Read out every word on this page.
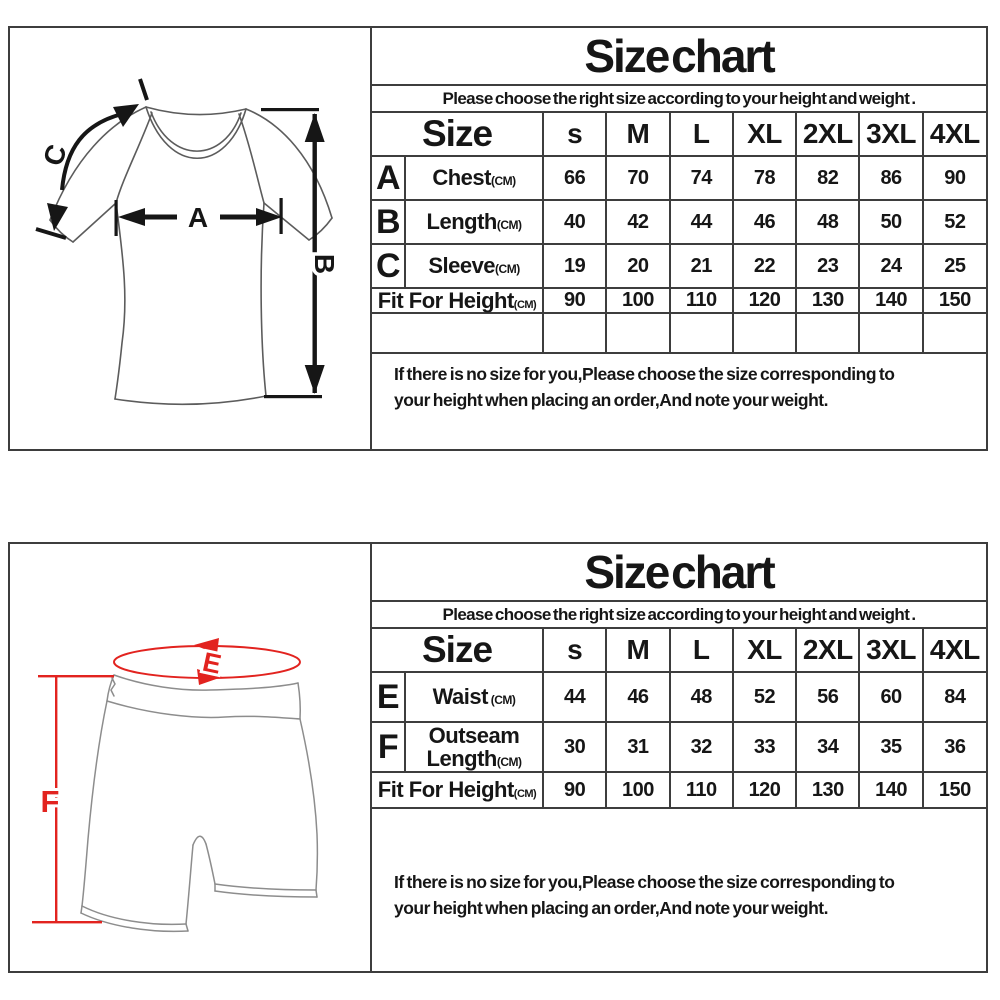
A
B
C
Size chart
Please choose the right size according to your height and weight .
Size		s	M	L	XL	2XL	3XL	4XL
A	Chest(CM)	66	70	74	78	82	86	90
B	Length(CM)	40	42	44	46	48	50	52
C	Sleeve(CM)	19	20	21	22	23	24	25
Fit For Height(CM)		90	100	110	120	130	140	150

If there is no size for you,Please choose the size corresponding to
your height when placing an order,And note your weight.
E
F
Size chart
Please choose the right size according to your height and weight .
Size		s	M	L	XL	2XL	3XL	4XL
E	Waist (CM)	44	46	48	52	56	60	84
F	Outseam Length(CM)	30	31	32	33	34	35	36
Fit For Height(CM)		90	100	110	120	130	140	150
If there is no size for you,Please choose the size corresponding to
your height when placing an order,And note your weight.
